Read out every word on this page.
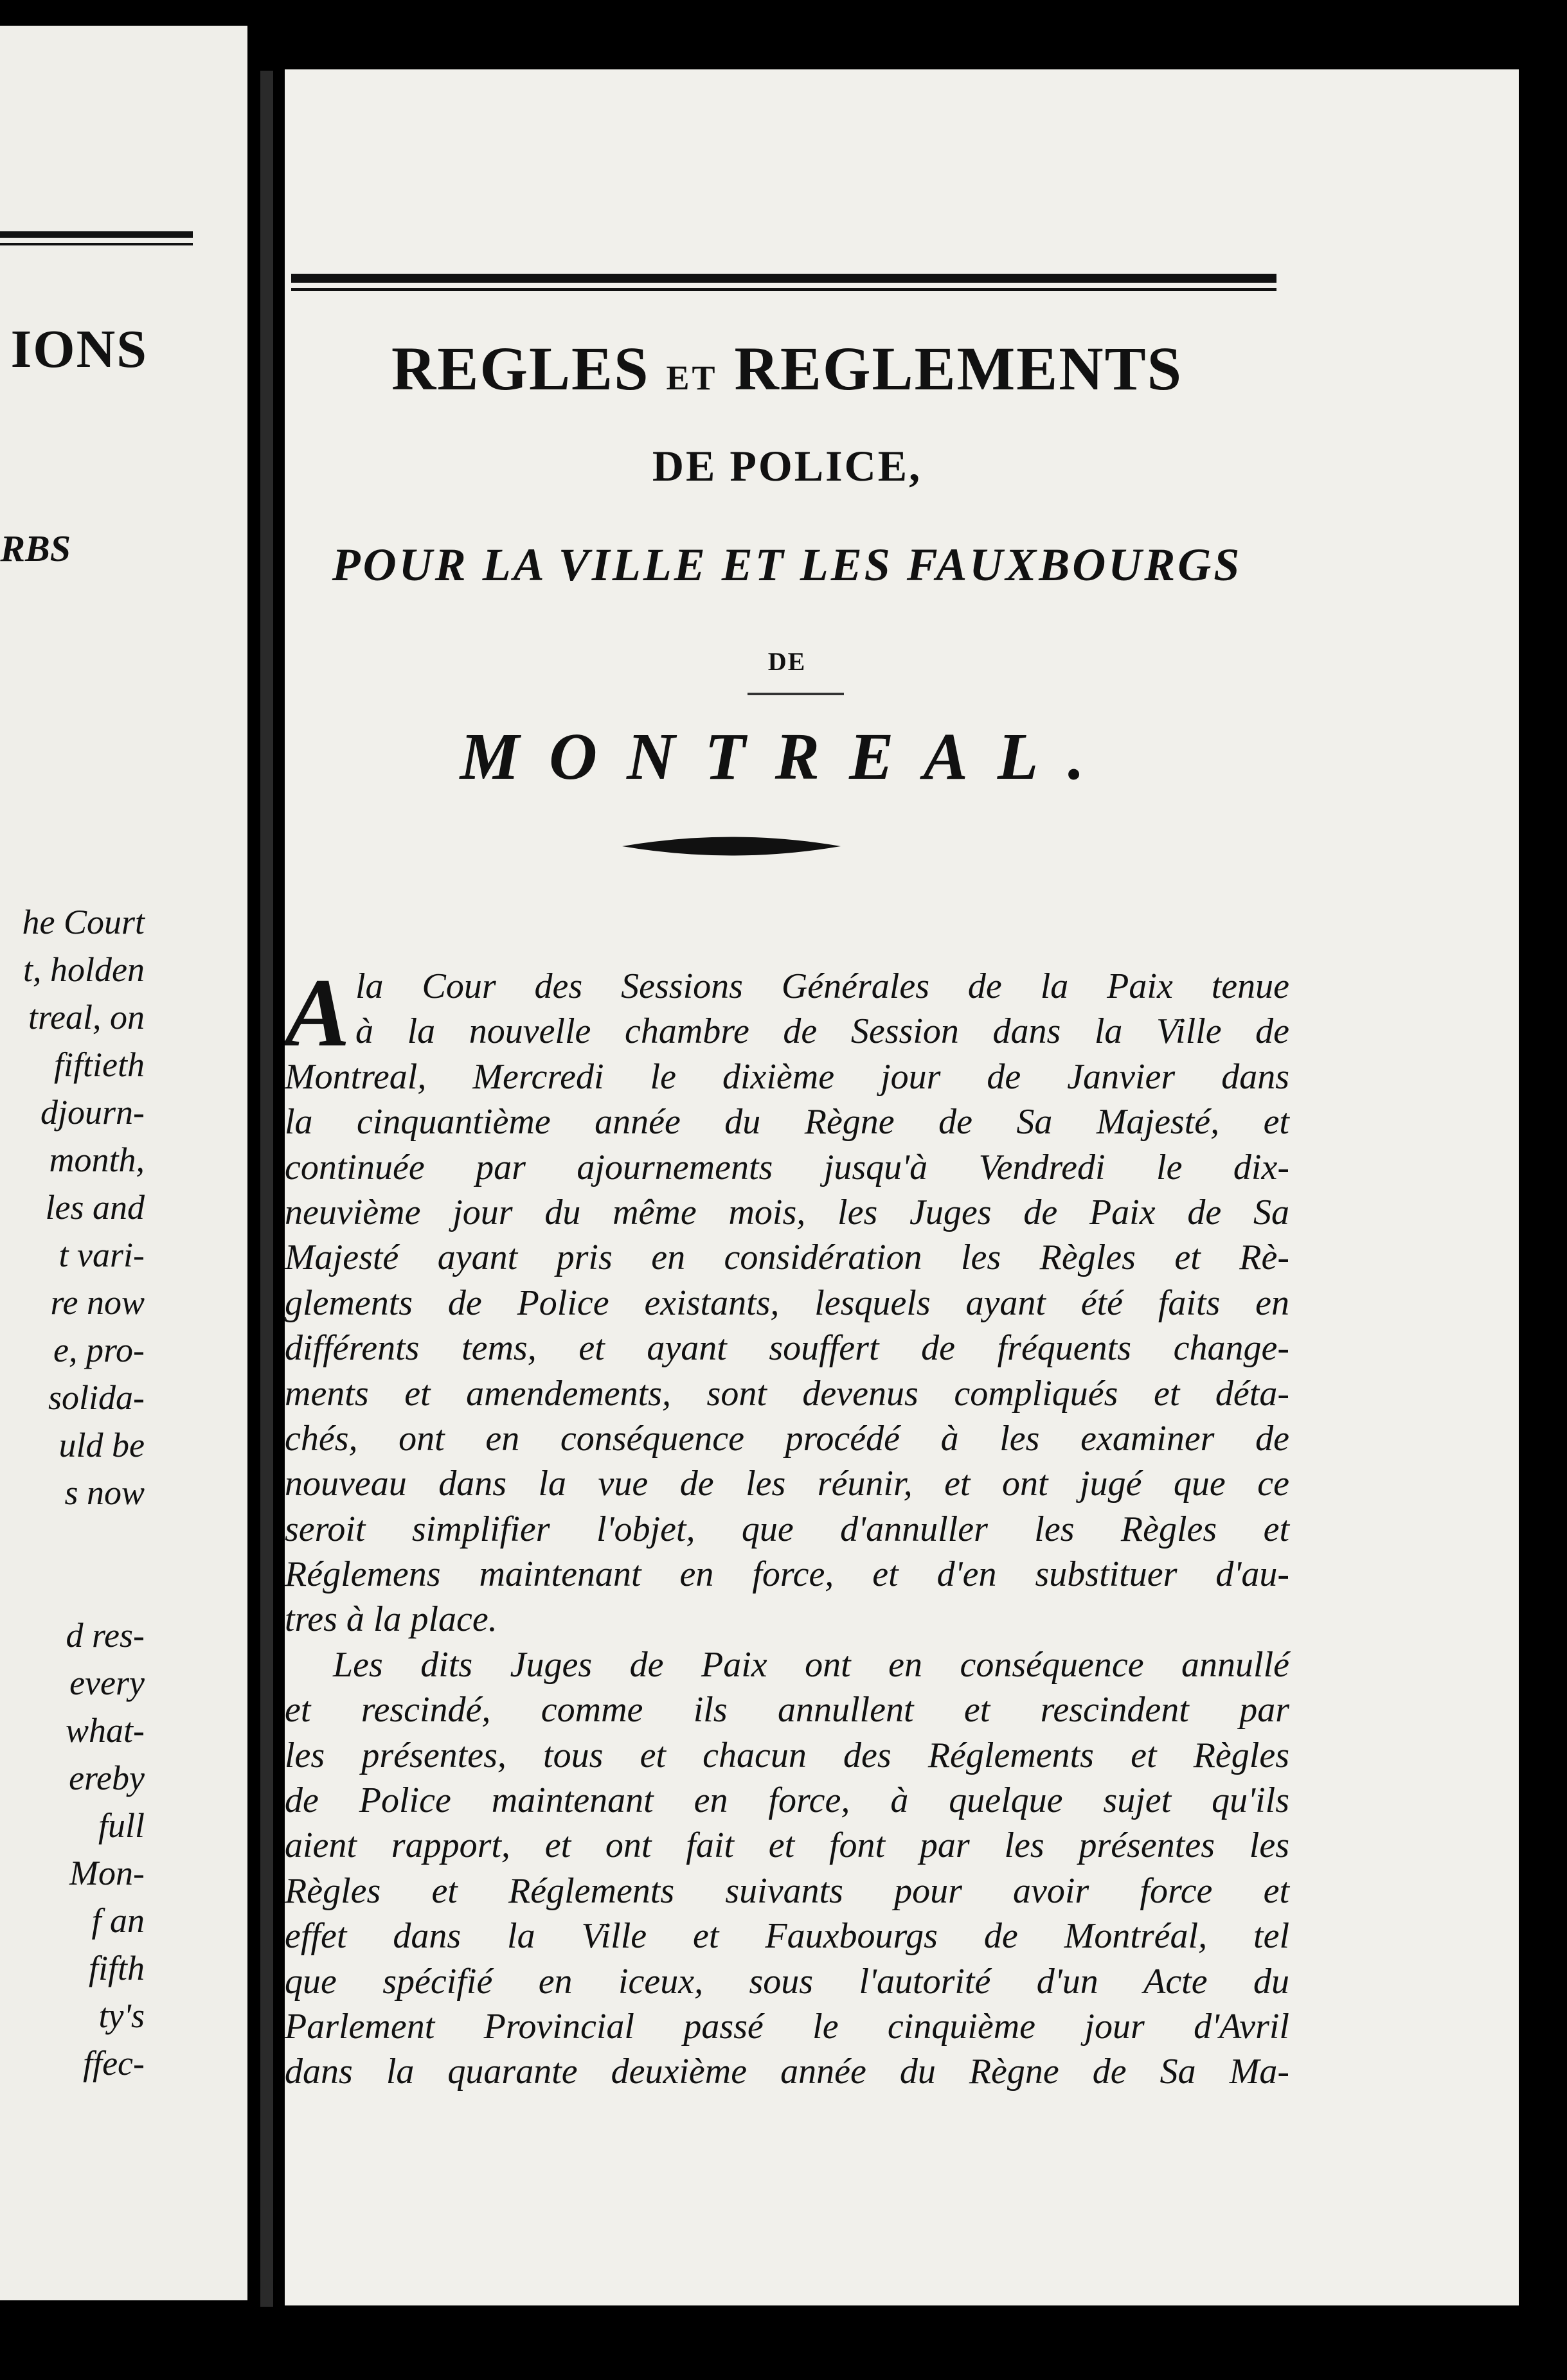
IONS
RBS
he Court
t, holden
treal, on
fiftieth
djourn-
month,
les and
t vari-
re now
e, pro-
solida-
uld be
s now
d res-
every
what-
ereby
full
Mon-
f an
fifth
ty's
ffec-
REGLES ET REGLEMENTS
DE POLICE,
POUR LA VILLE ET LES FAUXBOURGS
DE
MONTREAL.
A la Cour des Sessions Générales de la Paix tenue
à la nouvelle chambre de Session dans la Ville de
Montreal, Mercredi le dixième jour de Janvier dans
la cinquantième année du Règne de Sa Majesté, et
continuée par ajournements jusqu'à Vendredi le dix-
neuvième jour du même mois, les Juges de Paix de Sa
Majesté ayant pris en considération les Règles et Rè-
glements de Police existants, lesquels ayant été faits en
différents tems, et ayant souffert de fréquents change-
ments et amendements, sont devenus compliqués et déta-
chés, ont en conséquence procédé à les examiner de
nouveau dans la vue de les réunir, et ont jugé que ce
seroit simplifier l'objet, que d'annuller les Règles et
Réglemens maintenant en force, et d'en substituer d'au-
tres à la place.
Les dits Juges de Paix ont en conséquence annullé
et rescindé, comme ils annullent et rescindent par
les présentes, tous et chacun des Réglements et Règles
de Police maintenant en force, à quelque sujet qu'ils
aient rapport, et ont fait et font par les présentes les
Règles et Réglements suivants pour avoir force et
effet dans la Ville et Fauxbourgs de Montréal, tel
que spécifié en iceux, sous l'autorité d'un Acte du
Parlement Provincial passé le cinquième jour d'Avril
dans la quarante deuxième année du Règne de Sa Ma-
